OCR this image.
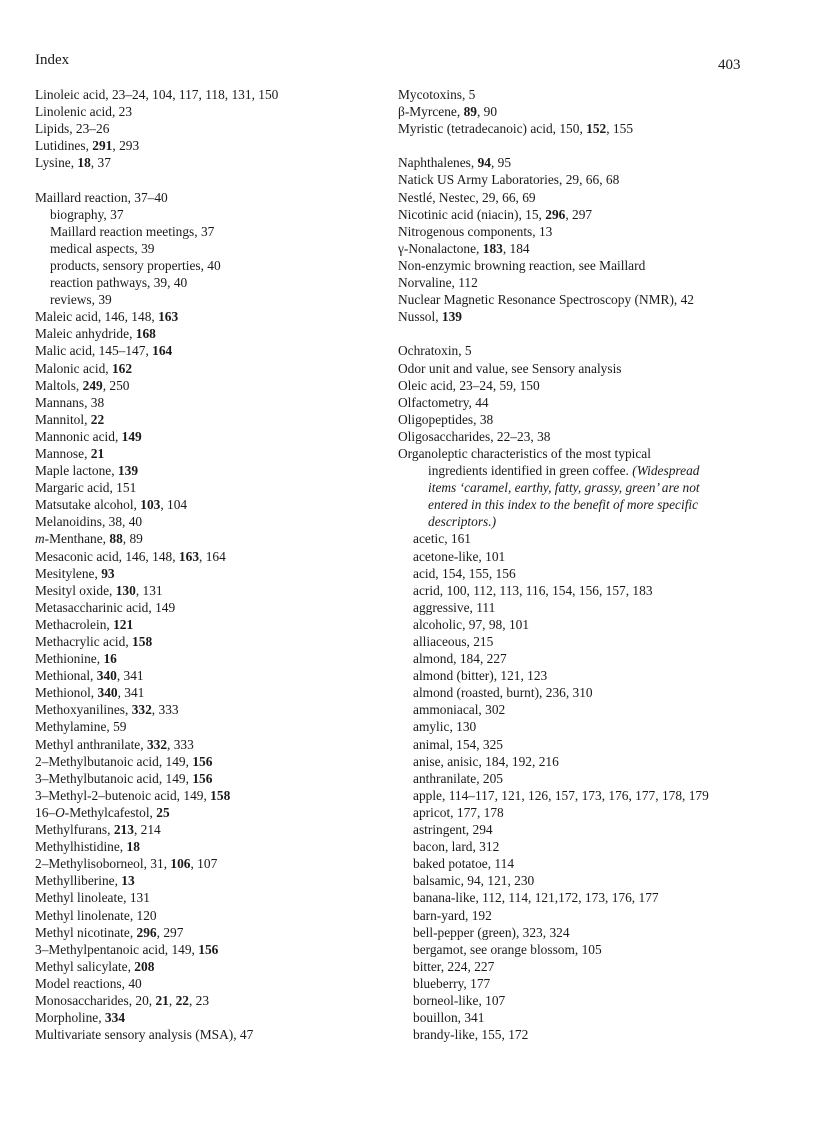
Index	403
Linoleic acid, 23–24, 104, 117, 118, 131, 150
Linolenic acid, 23
Lipids, 23–26
Lutidines, 291, 293
Lysine, 18, 37
Maillard reaction, 37–40
biography, 37
Maillard reaction meetings, 37
medical aspects, 39
products, sensory properties, 40
reaction pathways, 39, 40
reviews, 39
Maleic acid, 146, 148, 163
Maleic anhydride, 168
Malic acid, 145–147, 164
Malonic acid, 162
Maltols, 249, 250
Mannans, 38
Mannitol, 22
Mannonic acid, 149
Mannose, 21
Maple lactone, 139
Margaric acid, 151
Matsutake alcohol, 103, 104
Melanoidins, 38, 40
m-Menthane, 88, 89
Mesaconic acid, 146, 148, 163, 164
Mesitylene, 93
Mesityl oxide, 130, 131
Metasaccharinic acid, 149
Methacrolein, 121
Methacrylic acid, 158
Methionine, 16
Methional, 340, 341
Methionol, 340, 341
Methoxyanilines, 332, 333
Methylamine, 59
Methyl anthranilate, 332, 333
2–Methylbutanoic acid, 149, 156
3–Methylbutanoic acid, 149, 156
3–Methyl-2–butenoic acid, 149, 158
16–O-Methylcafestol, 25
Methylfurans, 213, 214
Methylhistidine, 18
2–Methylisoborneol, 31, 106, 107
Methylliberine, 13
Methyl linoleate, 131
Methyl linolenate, 120
Methyl nicotinate, 296, 297
3–Methylpentanoic acid, 149, 156
Methyl salicylate, 208
Model reactions, 40
Monosaccharides, 20, 21, 22, 23
Morpholine, 334
Multivariate sensory analysis (MSA), 47
Mycotoxins, 5
β-Myrcene, 89, 90
Myristic (tetradecanoic) acid, 150, 152, 155
Naphthalenes, 94, 95
Natick US Army Laboratories, 29, 66, 68
Nestlé, Nestec, 29, 66, 69
Nicotinic acid (niacin), 15, 296, 297
Nitrogenous components, 13
γ-Nonalactone, 183, 184
Non-enzymic browning reaction, see Maillard
Norvaline, 112
Nuclear Magnetic Resonance Spectroscopy (NMR), 42
Nussol, 139
Ochratoxin, 5
Odor unit and value, see Sensory analysis
Oleic acid, 23–24, 59, 150
Olfactometry, 44
Oligopeptides, 38
Oligosaccharides, 22–23, 38
Organoleptic characteristics of the most typical
ingredients identified in green coffee. (Widespread
items ‘caramel, earthy, fatty, grassy, green’ are not
entered in this index to the benefit of more specific
descriptors.)
acetic, 161
acetone-like, 101
acid, 154, 155, 156
acrid, 100, 112, 113, 116, 154, 156, 157, 183
aggressive, 111
alcoholic, 97, 98, 101
alliaceous, 215
almond, 184, 227
almond (bitter), 121, 123
almond (roasted, burnt), 236, 310
ammoniacal, 302
amylic, 130
animal, 154, 325
anise, anisic, 184, 192, 216
anthranilate, 205
apple, 114–117, 121, 126, 157, 173, 176, 177, 178, 179
apricot, 177, 178
astringent, 294
bacon, lard, 312
baked potatoe, 114
balsamic, 94, 121, 230
banana-like, 112, 114, 121,172, 173, 176, 177
barn-yard, 192
bell-pepper (green), 323, 324
bergamot, see orange blossom, 105
bitter, 224, 227
blueberry, 177
borneol-like, 107
bouillon, 341
brandy-like, 155, 172
